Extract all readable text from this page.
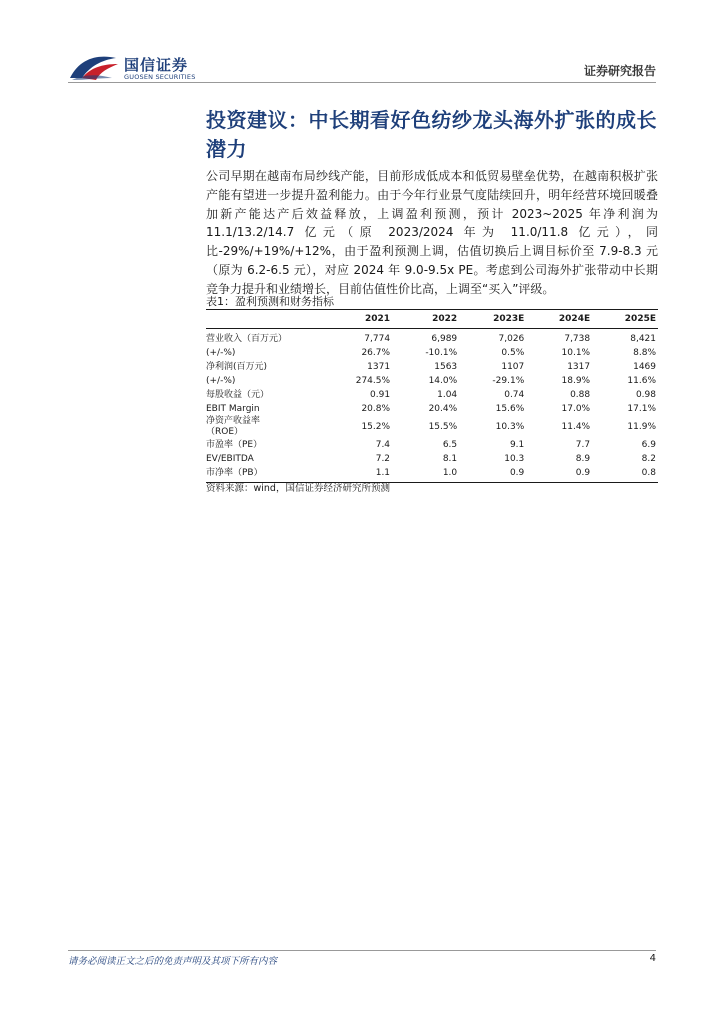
国信证券
GUOSEN SECURITIES	证券研究报告
投资建议：中长期看好色纺纱龙头海外扩张的成长潜力
公司早期在越南布局纱线产能，目前形成低成本和低贸易壁垒优势，在越南积极扩张产能有望进一步提升盈利能力。由于今年行业景气度陆续回升，明年经营环境回暖叠加新产能达产后效益释放，上调盈利预测，预计 2023~2025 年净利润为 11.1/13.2/14.7 亿元（原 2023/2024 年为 11.0/11.8 亿元），同比-29%/+19%/+12%，由于盈利预测上调，估值切换后上调目标价至 7.9-8.3 元（原为 6.2-6.5 元），对应 2024 年 9.0-9.5x PE。考虑到公司海外扩张带动中长期竞争力提升和业绩增长，目前估值性价比高，上调至“买入”评级。
表1：盈利预测和财务指标
	2021	2022	2023E	2024E	2025E
营业收入（百万元）	7,774	6,989	7,026	7,738	8,421
(+/-%)	26.7%	-10.1%	0.5%	10.1%	8.8%
净利润(百万元)	1371	1563	1107	1317	1469
(+/-%)	274.5%	14.0%	-29.1%	18.9%	11.6%
每股收益（元）	0.91	1.04	0.74	0.88	0.98
EBIT Margin	20.8%	20.4%	15.6%	17.0%	17.1%
净资产收益率
（ROE）	15.2%	15.5%	10.3%	11.4%	11.9%
市盈率（PE）	7.4	6.5	9.1	7.7	6.9
EV/EBITDA	7.2	8.1	10.3	8.9	8.2
市净率（PB）	1.1	1.0	0.9	0.9	0.8
资料来源：wind，国信证券经济研究所预测
请务必阅读正文之后的免责声明及其项下所有内容	4
